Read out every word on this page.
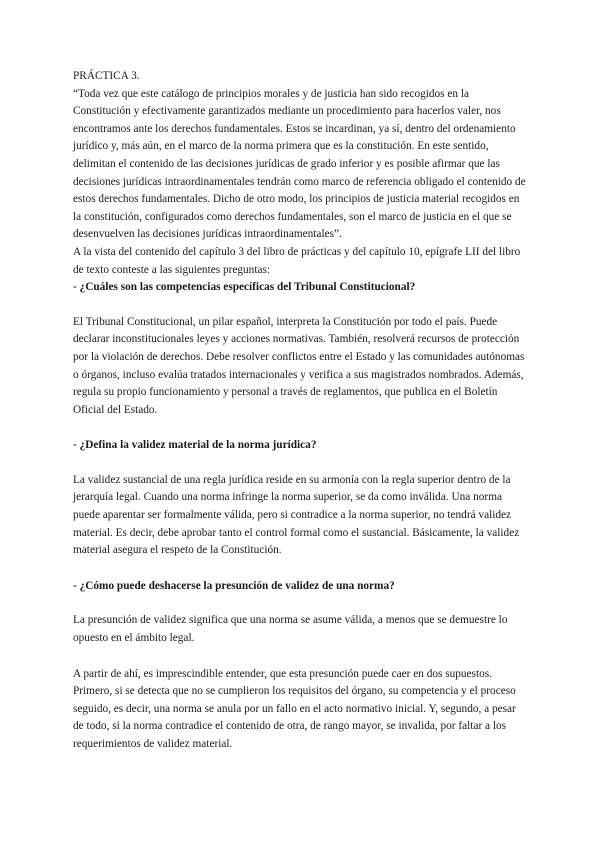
PRÁCTICA 3.

“Toda vez que este catálogo de principios morales y de justicia han sido recogidos en la Constitución y efectivamente garantizados mediante un procedimiento para hacerlos valer, nos encontramos ante los derechos fundamentales. Estos se incardinan, ya sí, dentro del ordenamiento jurídico y, más aún, en el marco de la norma primera que es la constitución. En este sentido, delimitan el contenido de las decisiones jurídicas de grado inferior y es posible afirmar que las decisiones jurídicas intraordinamentales tendrán como marco de referencia obligado el contenido de estos derechos fundamentales. Dicho de otro modo, los principios de justicia material recogidos en la constitución, configurados como derechos fundamentales, son el marco de justicia en el que se desenvuelven las decisiones jurídicas intraordinamentales”.

A la vista del contenido del capítulo 3 del libro de prácticas y del capítulo 10, epígrafe LII del libro de texto conteste a las siguientes preguntas:

- ¿Cuáles son las competencias específicas del Tribunal Constitucional?

El Tribunal Constitucional, un pilar español, interpreta la Constitución por todo el país. Puede declarar inconstitucionales leyes y acciones normativas. También, resolverá recursos de protección por la violación de derechos. Debe resolver conflictos entre el Estado y las comunidades autónomas o órganos, incluso evalúa tratados internacionales y verifica a sus magistrados nombrados. Además, regula su propio funcionamiento y personal a través de reglamentos, que publica en el Boletín Oficial del Estado.

- ¿Defina la validez material de la norma jurídica?

La validez sustancial de una regla jurídica reside en su armonía con la regla superior dentro de la jerarquía legal. Cuando una norma infringe la norma superior, se da como inválida. Una norma puede aparentar ser formalmente válida, pero si contradice a la norma superior, no tendrá validez material. Es decir, debe aprobar tanto el control formal como el sustancial. Básicamente, la validez material asegura el respeto de la Constitución.

- ¿Cómo puede deshacerse la presunción de validez de una norma?

La presunción de validez significa que una norma se asume válida, a menos que se demuestre lo opuesto en el ámbito legal.

A partir de ahí, es imprescindible entender, que esta presunción puede caer en dos supuestos. Primero, si se detecta que no se cumplieron los requisitos del órgano, su competencia y el proceso seguido, es decir, una norma se anula por un fallo en el acto normativo inicial. Y, segundo, a pesar de todo, si la norma contradice el contenido de otra, de rango mayor, se invalida, por faltar a los requerimientos de validez material.
